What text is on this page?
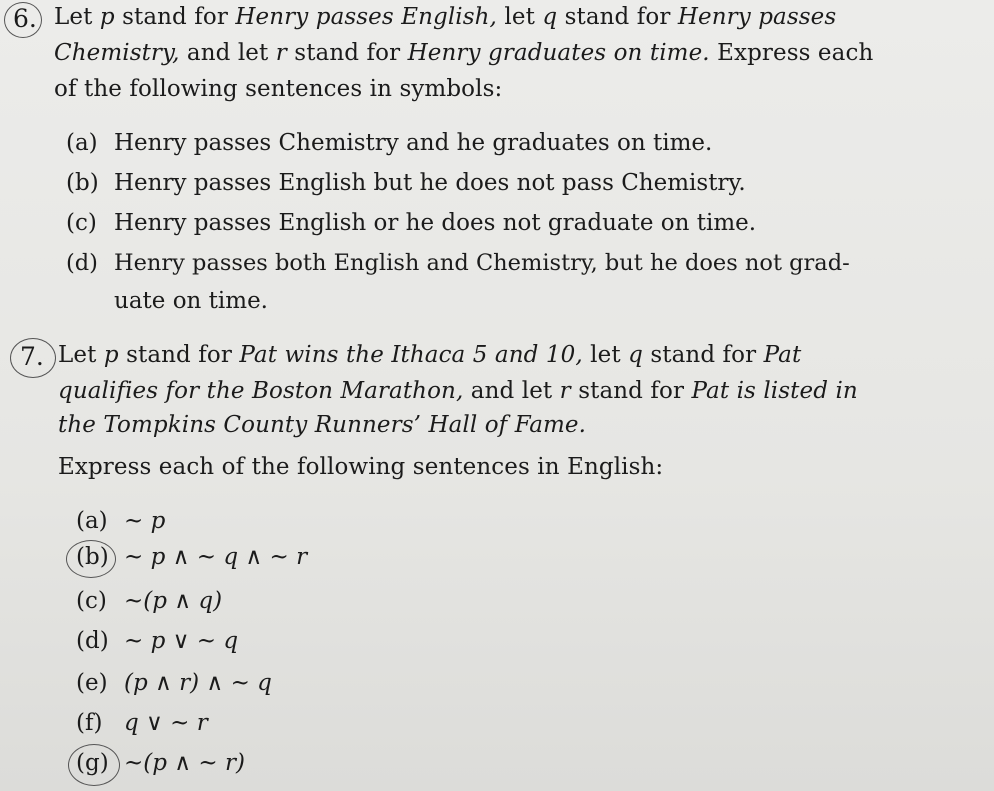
6. Let p stand for Henry passes English, let q stand for Henry passes
Chemistry, and let r stand for Henry graduates on time. Express each
of the following sentences in symbols:
(a) Henry passes Chemistry and he graduates on time.
(b) Henry passes English but he does not pass Chemistry.
(c) Henry passes English or he does not graduate on time.
(d) Henry passes both English and Chemistry, but he does not grad-
uate on time.
7. Let p stand for Pat wins the Ithaca 5 and 10, let q stand for Pat
qualifies for the Boston Marathon, and let r stand for Pat is listed in
the Tompkins County Runners’ Hall of Fame.
Express each of the following sentences in English:
(a) ~ p
(b) ~ p ∧ ~ q ∧ ~ r
(c) ~(p ∧ q)
(d) ~ p ∨ ~ q
(e) (p ∧ r) ∧ ~ q
(f) q ∨ ~ r
(g) ~(p ∧ ~ r)
